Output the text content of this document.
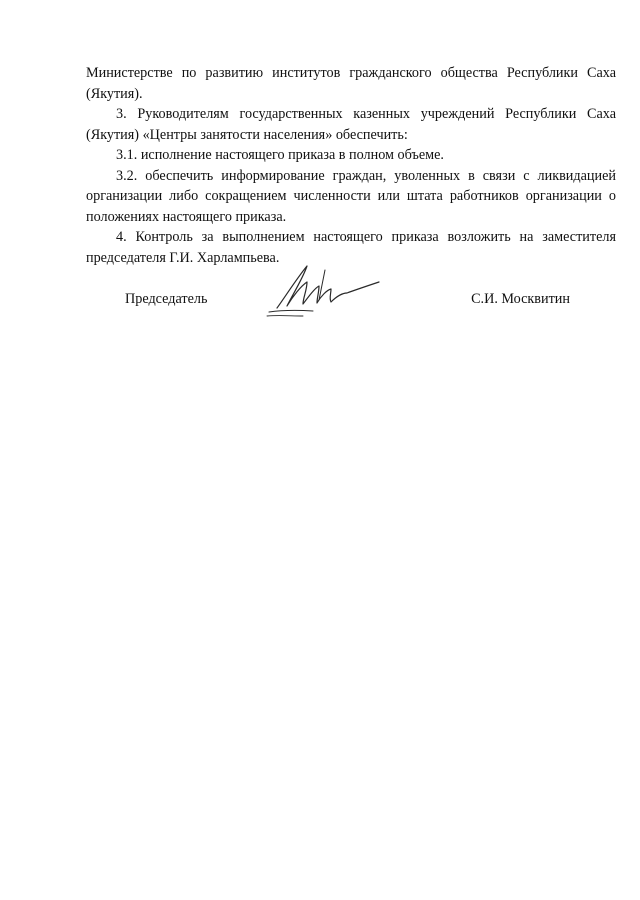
Министерстве по развитию институтов гражданского общества Республики Саха (Якутия).

3. Руководителям государственных казенных учреждений Республики Саха (Якутия) «Центры занятости населения» обеспечить:

3.1. исполнение настоящего приказа в полном объеме.

3.2. обеспечить информирование граждан, уволенных в связи с ликвидацией организации либо сокращением численности или штата работников организации о положениях настоящего приказа.

4. Контроль за выполнением настоящего приказа возложить на заместителя председателя Г.И. Харлампьева.

Председатель	С.И. Москвитин
